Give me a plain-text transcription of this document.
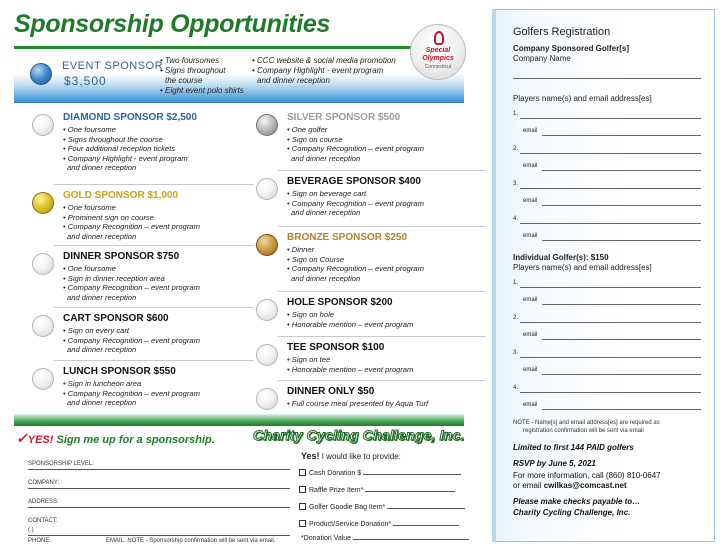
Sponsorship Opportunities
EVENT SPONSOR
$3,500
• Two foursomes
• Signs throughout
the course
• Eight event polo shirts
• CCC website & social media promotion
• Company Highlight - event program
and dinner reception
Special
Olympics
Connecticut
DIAMOND SPONSOR $2,500
• One foursome
• Signs throughout the course
• Four additional reception tickets
• Company Highlight - event program
and dinner reception
GOLD SPONSOR $1,000
• One foursome
• Prominent sign on course
• Company Recognition – event program
and dinner reception
DINNER SPONSOR $750
• One foursome
• Sign in dinner reception area
• Company Recognition – event program
and dinner reception
CART SPONSOR $600
• Sign on every cart
• Company Recognition – event program
and dinner reception
LUNCH SPONSOR $550
• Sign in luncheon area
• Company Recognition – event program
and dinner reception
SILVER SPONSOR $500
• One golfer
• Sign on course
• Company Recognition – event program
and dinner reception
BEVERAGE SPONSOR $400
• Sign on beverage cart
• Company Recognition – event program
and dinner reception
BRONZE SPONSOR $250
• Dinner
• Sign on Course
• Company Recognition – event program
and dinner reception
HOLE SPONSOR $200
• Sign on hole
• Honorable mention – event program
TEE SPONSOR $100
• Sign on tee
• Honorable mention – event program
DINNER ONLY $50
• Full course meal presented by Aqua Turf
✓YES! Sign me up for a sponsorship.	Charity Cycling Challenge, Inc.
SPONSORSHIP LEVEL:
COMPANY:
ADDRESS:
CONTACT:
( )
PHONE:	EMAIL: NOTE - Sponsorship confirmation will be sent via email.
Yes! I would like to provide:
Cash Donation $
Raffle Prize Item*
Golfer Goodie Bag Item*
Product/Service Donation*
*Donation Value
Golfers Registration
Company Sponsored Golfer[s]
Company Name
Players name(s) and email address[es]
1.
email
2.
email
3.
email
4.
email
Individual Golfer(s): $150
Players name(s) and email address[es]
1.
email
2.
email
3.
email
4.
email
NOTE - Name[s] and email address[es] are required as
registration confirmation will be sent via email
Limited to first 144 PAID golfers
RSVP by June 5, 2021
For more information, call (860) 810-0647
or email cwilkas@comcast.net
Please make checks payable to…
Charity Cycling Challenge, Inc.
